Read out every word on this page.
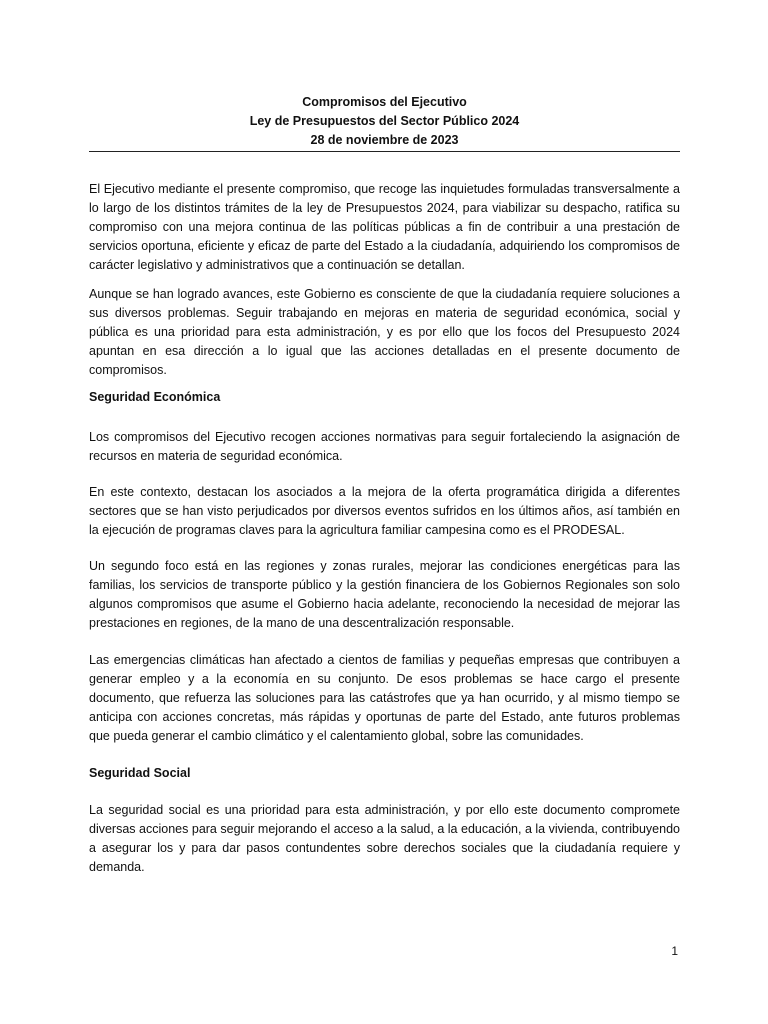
Compromisos del Ejecutivo
Ley de Presupuestos del Sector Público 2024
28 de noviembre de 2023

El Ejecutivo mediante el presente compromiso, que recoge las inquietudes formuladas transversalmente a lo largo de los distintos trámites de la ley de Presupuestos 2024, para viabilizar su despacho, ratifica su compromiso con una mejora continua de las políticas públicas a fin de contribuir a una prestación de servicios oportuna, eficiente y eficaz de parte del Estado a la ciudadanía, adquiriendo los compromisos de carácter legislativo y administrativos que a continuación se detallan.

Aunque se han logrado avances, este Gobierno es consciente de que la ciudadanía requiere soluciones a sus diversos problemas. Seguir trabajando en mejoras en materia de seguridad económica, social y pública es una prioridad para esta administración, y es por ello que los focos del Presupuesto 2024 apuntan en esa dirección a lo igual que las acciones detalladas en el presente documento de compromisos.

Seguridad Económica

Los compromisos del Ejecutivo recogen acciones normativas para seguir fortaleciendo la asignación de recursos en materia de seguridad económica.

En este contexto, destacan los asociados a la mejora de la oferta programática dirigida a diferentes sectores que se han visto perjudicados por diversos eventos sufridos en los últimos años, así también en la ejecución de programas claves para la agricultura familiar campesina como es el PRODESAL.

Un segundo foco está en las regiones y zonas rurales, mejorar las condiciones energéticas para las familias, los servicios de transporte público y la gestión financiera de los Gobiernos Regionales son solo algunos compromisos que asume el Gobierno hacia adelante, reconociendo la necesidad de mejorar las prestaciones en regiones, de la mano de una descentralización responsable.

Las emergencias climáticas han afectado a cientos de familias y pequeñas empresas que contribuyen a generar empleo y a la economía en su conjunto. De esos problemas se hace cargo el presente documento, que refuerza las soluciones para las catástrofes que ya han ocurrido, y al mismo tiempo se anticipa con acciones concretas, más rápidas y oportunas de parte del Estado, ante futuros problemas que pueda generar el cambio climático y el calentamiento global, sobre las comunidades.

Seguridad Social

La seguridad social es una prioridad para esta administración, y por ello este documento compromete diversas acciones para seguir mejorando el acceso a la salud, a la educación, a la vivienda, contribuyendo a asegurar los y para dar pasos contundentes sobre derechos sociales que la ciudadanía requiere y demanda.

1
